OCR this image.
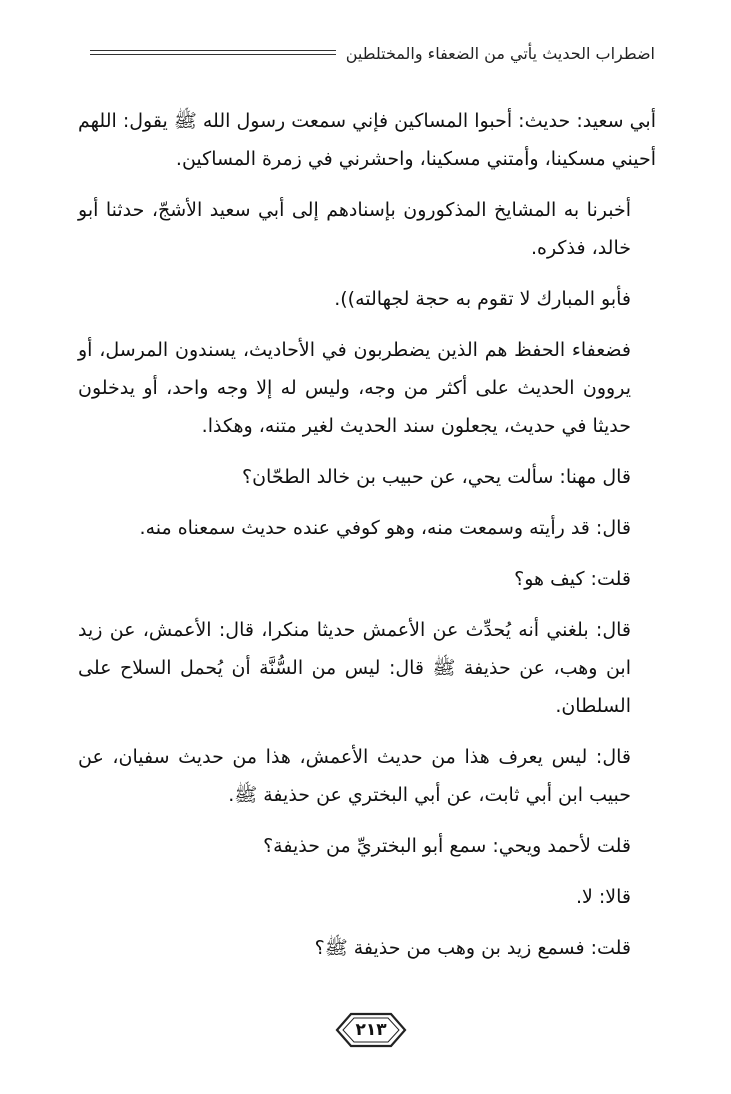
اضطراب الحديث يأتي من الضعفاء والمختلطين

أبي سعيد: حديث: أحبوا المساكين فإني سمعت رسول الله ﷺ يقول: اللهم أحيني مسكينا، وأمتني مسكينا، واحشرني في زمرة المساكين.

أخبرنا به المشايخ المذكورون بإسنادهم إلى أبي سعيد الأشجّ، حدثنا أبو خالد، فذكره.

فأبو المبارك لا تقوم به حجة لجهالته)).

فضعفاء الحفظ هم الذين يضطربون في الأحاديث، يسندون المرسل، أو يروون الحديث على أكثر من وجه، وليس له إلا وجه واحد، أو يدخلون حديثا في حديث، يجعلون سند الحديث لغير متنه، وهكذا.

قال مهنا: سألت يحي، عن حبيب بن خالد الطحّان؟

قال: قد رأيته وسمعت منه، وهو كوفي عنده حديث سمعناه منه.

قلت: كيف هو؟

قال: بلغني أنه يُحدِّث عن الأعمش حديثا منكرا، قال: الأعمش، عن زيد ابن وهب، عن حذيفة ﷺ قال: ليس من السُّنَّة أن يُحمل السلاح على السلطان.

قال: ليس يعرف هذا من حديث الأعمش، هذا من حديث سفيان، عن حبيب ابن أبي ثابت، عن أبي البختري عن حذيفة ﷺ.

قلت لأحمد ويحي: سمع أبو البختريِّ من حذيفة؟

قالا: لا.

قلت: فسمع زيد بن وهب من حذيفة ﷺ؟

٢١٣
